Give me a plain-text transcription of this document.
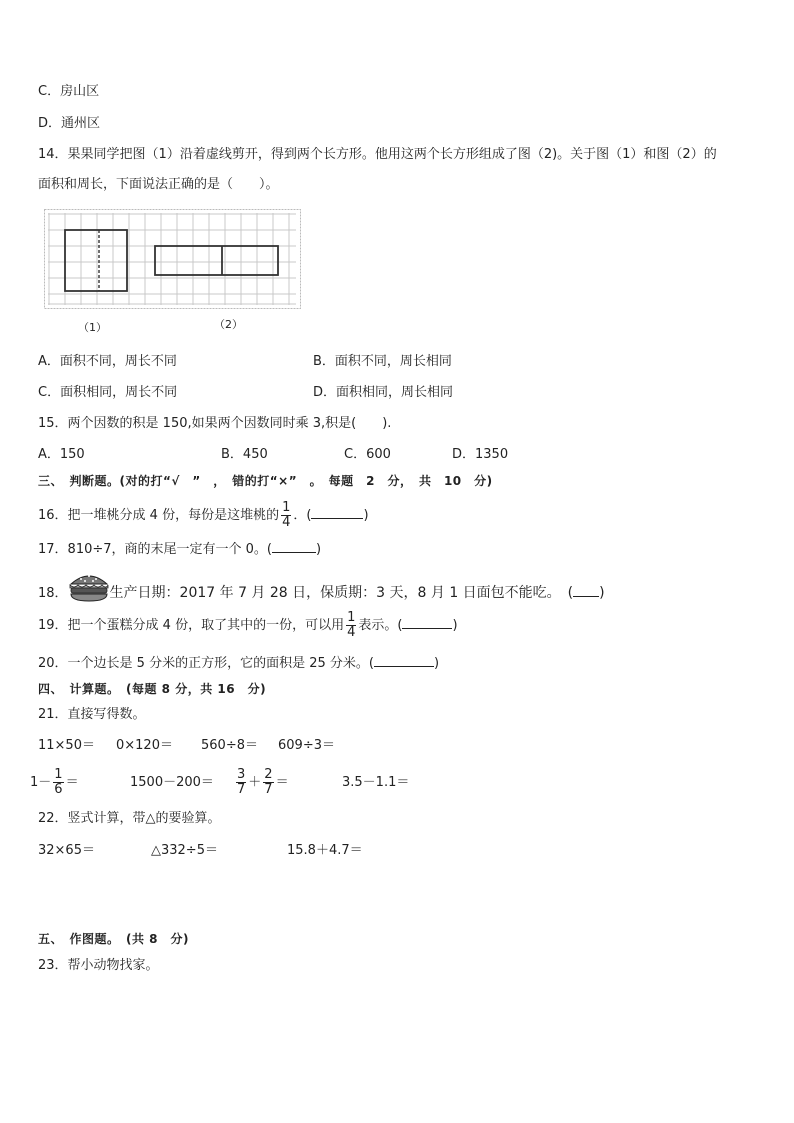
C．房山区
D．通州区
14．果果同学把图（1）沿着虚线剪开，得到两个长方形。他用这两个长方形组成了图（2)。关于图（1）和图（2）的
面积和周长，下面说法正确的是（　　）。
（1）	（2）
A．面积不同，周长不同	B．面积不同，周长相同
C．面积相同，周长不同	D．面积相同，周长相同
15．两个因数的积是 150,如果两个因数同时乘 3,积是(　　).
A．150	B．450	C．600	D．1350
三、　判断题。(对的打“√　”　，　错的打“×”　。　每题　2　分，　共　10　分)
16．把一堆桃分成 4 份，每份是这堆桃的 $\frac{1}{4}$ ．(	)
17．810÷7，商的末尾一定有一个 0。(	)
18．	生产日期：2017 年 7 月 28 日，保质期：3 天，8 月 1 日面包不能吃。　( )
19．把一个蛋糕分成 4 份，取了其中的一份，可以用 $\frac{1}{4}$ 表示。(	)
20．一个边长是 5 分米的正方形，它的面积是 25 分米。(	)
四、　计算题。　(每题 8 分，共 16　分)
21．直接写得数。
11×50＝ 0×120＝ 560÷8＝ 609÷3＝
$1- \frac{1}{6}$ ＝	$1500-200= \frac{3}{7} + \frac{2}{7}$ ＝	3.5－1.1＝
22．竖式计算，带△的要验算。
32×65＝	△332÷5＝	15.8＋4.7＝
五、　作图题。　(共 8　分)
23．帮小动物找家。
